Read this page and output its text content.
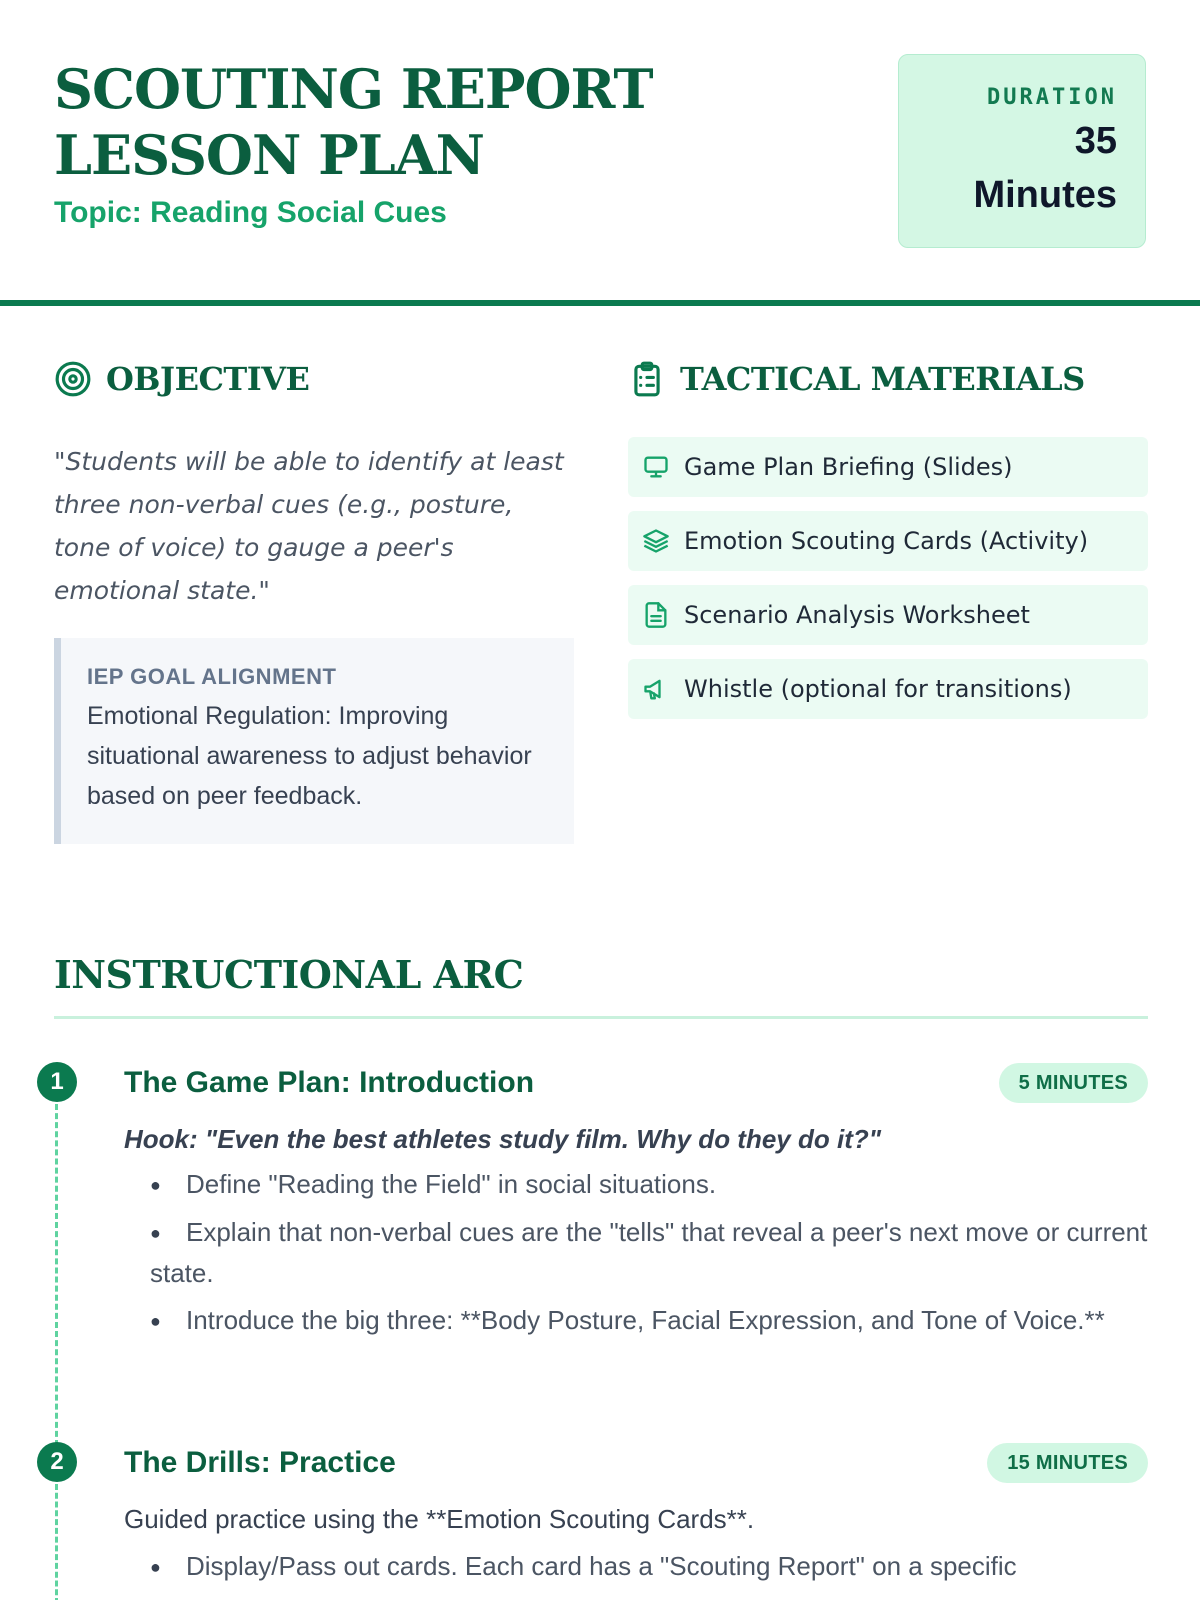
SCOUTING REPORT LESSON PLAN

Topic: Reading Social Cues

DURATION
35 Minutes
OBJECTIVE

"Students will be able to identify at least three non-verbal cues (e.g., posture, tone of voice) to gauge a peer's emotional state."

IEP GOAL ALIGNMENT
Emotional Regulation: Improving situational awareness to adjust behavior based on peer feedback.
TACTICAL MATERIALS
Game Plan Briefing (Slides)
Emotion Scouting Cards (Activity)
Scenario Analysis Worksheet
Whistle (optional for transitions)
INSTRUCTIONAL ARC
1	The Game Plan: Introduction	5 MINUTES
Hook: "Even the best athletes study film. Why do they do it?"
● Define "Reading the Field" in social situations.
● Explain that non-verbal cues are the "tells" that reveal a peer's next move or current state.
● Introduce the big three: **Body Posture, Facial Expression, and Tone of Voice.**
2	The Drills: Practice	15 MINUTES
Guided practice using the **Emotion Scouting Cards**.
● Display/Pass out cards. Each card has a "Scouting Report" on a specific
